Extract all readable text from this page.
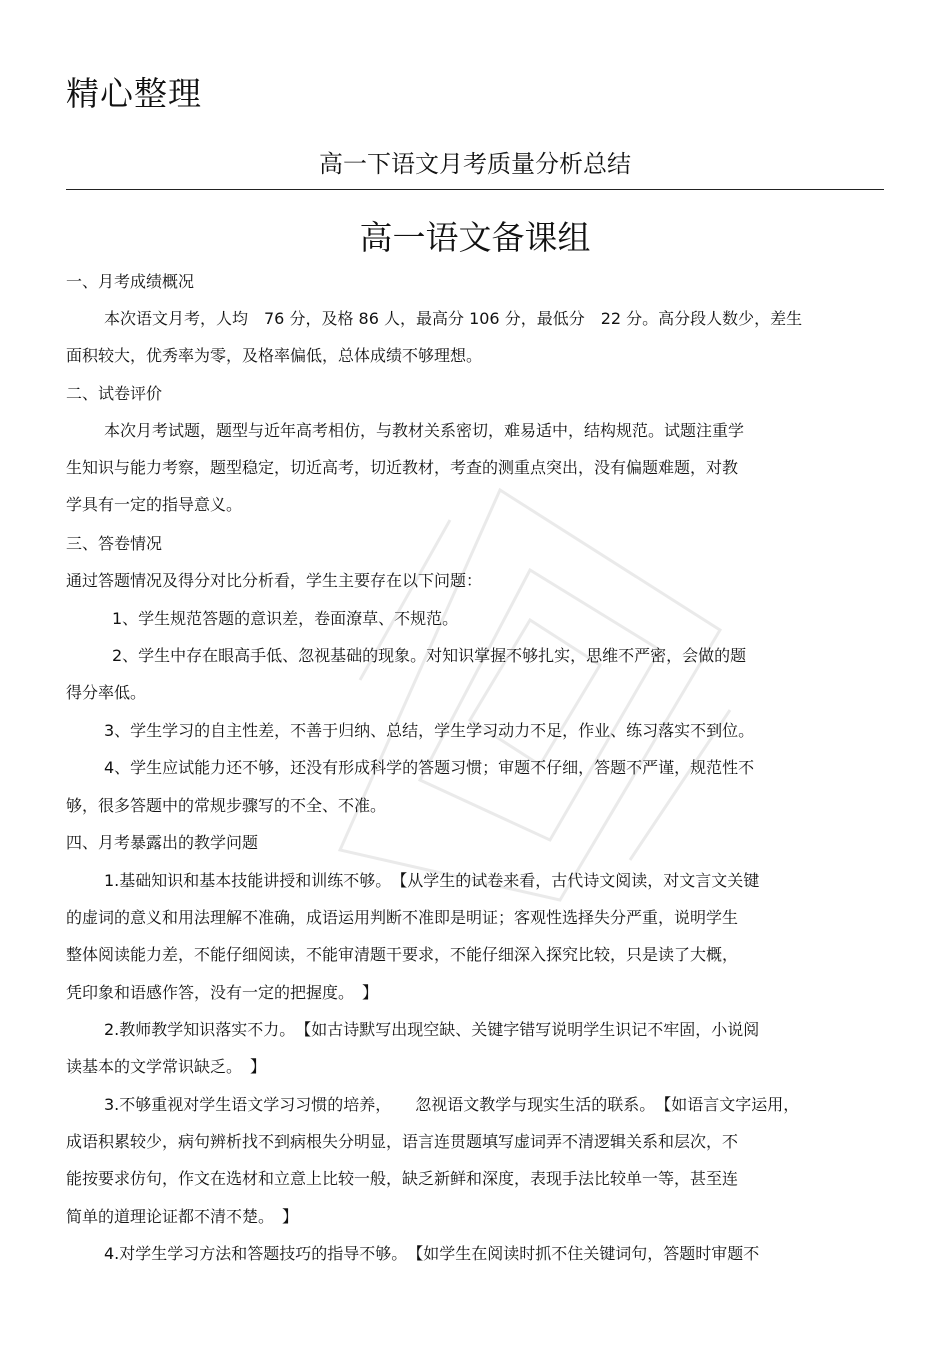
精心整理
高一下语文月考质量分析总结
高一语文备课组
一、月考成绩概况
本次语文月考，人均　76 分，及格 86 人，最高分 106 分，最低分　22 分。高分段人数少，差生
面积较大，优秀率为零，及格率偏低，总体成绩不够理想。
二、试卷评价
本次月考试题，题型与近年高考相仿，与教材关系密切，难易适中，结构规范。试题注重学
生知识与能力考察，题型稳定，切近高考，切近教材，考查的测重点突出，没有偏题难题，对教
学具有一定的指导意义。
三、答卷情况
通过答题情况及得分对比分析看，学生主要存在以下问题：
1、学生规范答题的意识差，卷面潦草、不规范。
2、学生中存在眼高手低、忽视基础的现象。对知识掌握不够扎实，思维不严密，会做的题
得分率低。
3、学生学习的自主性差，不善于归纳、总结，学生学习动力不足，作业、练习落实不到位。
4、学生应试能力还不够，还没有形成科学的答题习惯；审题不仔细，答题不严谨，规范性不
够，很多答题中的常规步骤写的不全、不准。
四、月考暴露出的教学问题
1.基础知识和基本技能讲授和训练不够。　【从学生的试卷来看，古代诗文阅读，对文言文关键
的虚词的意义和用法理解不准确，成语运用判断不准即是明证；客观性选择失分严重，说明学生
整体阅读能力差，不能仔细阅读，不能审清题干要求，不能仔细深入探究比较，只是读了大概，
凭印象和语感作答，没有一定的把握度。　】
2.教师教学知识落实不力。　【如古诗默写出现空缺、关键字错写说明学生识记不牢固，小说阅
读基本的文学常识缺乏。　】
3.不够重视对学生语文学习习惯的培养，　　忽视语文教学与现实生活的联系。　【如语言文字运用，
成语积累较少，病句辨析找不到病根失分明显，语言连贯题填写虚词弄不清逻辑关系和层次，不
能按要求仿句，作文在选材和立意上比较一般，缺乏新鲜和深度，表现手法比较单一等，甚至连
简单的道理论证都不清不楚。　】
4.对学生学习方法和答题技巧的指导不够。　【如学生在阅读时抓不住关键词句，答题时审题不
